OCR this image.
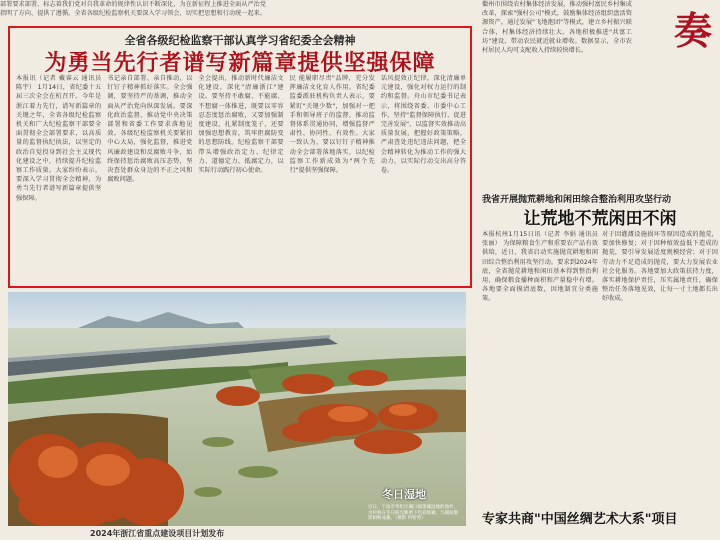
部署要求部署，标志着我们党对自我革命的规律性认识不断深化，为在新征程上推进全面从严治党

指明了方向、提供了遵循。全省各级纪检监察机关要深入学习领会，切实把思想和行动统一起来。

全省各级纪检监察干部认真学习省纪委全会精神
为勇当先行者谱写新篇章提供坚强保障
本报讯（记者 戴睿云 通讯员 陈宇） 1月14日，省纪委十五届三次全会在杭召开。今年是浙江着力先行，谱写新篇章的关键之年，全省各级纪检监察机关和广大纪检监察干部要全面贯彻全会部署要求，以高质量的监督执纪执法，以坚定的政治自觉投身到社会主义现代化建设之中，持续提升纪检监察工作质量。大家纷纷表示，要深入学习贯彻全会精神，为勇当先行者谱写新篇章提供坚强保障。
书记亲自部署、亲自推动，以钉钉子精神抓好落实。全会强调，要坚持严的基调，推动全面从严治党向纵深发展。要深化政治监督，推动党中央决策部署和省委工作要求落地见效。各级纪检监察机关要紧扣中心大局，强化监督，推进党风廉政建设和反腐败斗争，始终保持惩治腐败高压态势，坚决查处群众身边的不正之风和腐败问题。
全会提出，推动新时代廉洁文化建设，深化"清廉浙江"建设。要坚持不敢腐、不能腐、不想腐一体推进，既要以零容忍态度惩治腐败，又要加强制度建设，扎紧制度笼子，还要加强思想教育，筑牢拒腐防变的思想防线。纪检监察干部要带头增强政治定力、纪律定力、道德定力、抵腐定力，以实际行动践行初心使命。
民 能履职尽责"品牌，充分发挥廉洁文化育人作用。省纪委监委派驻机构负责人表示，要紧盯"关键少数"，加强对一把手和领导班子的监督，推动监督体系贯通协同，增强监督严肃性、协同性、有效性。大家一致认为，要以钉钉子精神推动全会部署落地落实，以纪检监察工作新成效为"两个先行"提供坚强保障。
话风提效正纪律，深化清廉单元建设，强化对权力运行的制约和监督。舟山市纪委书记表示，将围绕省委、市委中心工作，坚持"监督保障执行、促进完善发展"，以监督实效推动高质量发展，把握好政策策略，严肃查处违纪违法问题，把全会精神转化为推动工作的强大动力，以实际行动交出高分答卷。
冬日湿地
近日，宁波市奉化区溪口镇萧溪湿地的池杉、水杉林在冬日阳光映照下色彩斑斓，与湖面倒影相映成趣。（摄影 何智勇）
2024年浙江省重点建设项目计划发布
衢州市围绕农村集体经济发展，推动强村富民乡村集成改革，探索"强村公司"模式，鼓励集体经济组织盘活资源资产。通过发展"飞地抱团"等模式，建立乡村振兴联合体，村集体经济持续壮大。各地积极推进"共富工坊"建设，带动农民就近就业增收。数据显示，全市农村居民人均可支配收入持续较快增长。	奏
我省开展抛荒耕地和闲田综合整治利用攻坚行动
让荒地不荒闲田不闲
本报杭州1月15日讯（记者 李娟 通讯员 张丽） 为保障粮食生产和重要农产品有效供给，近日，我省启动实施抛荒耕地和闲田综合整治利用攻坚行动。要求到2024年底，全省抛荒耕地和闲田基本得到整治利用，确保粮食播种面积和产量稳中有增。各地要全面摸清底数，因地制宜分类施策。
对于因灌溉设施损坏等原因造成的抛荒，要加快修复；对于因种植效益低下造成的抛荒，要引导发展适度规模经营；对于因劳动力不足造成的抛荒，要大力发展农业社会化服务。各地要加大政策扶持力度，落实耕地保护责任，压实属地责任，确保整治任务落地见效，让每一寸土地都长出好收成。
专家共商"中国丝绸艺术大系"项目
